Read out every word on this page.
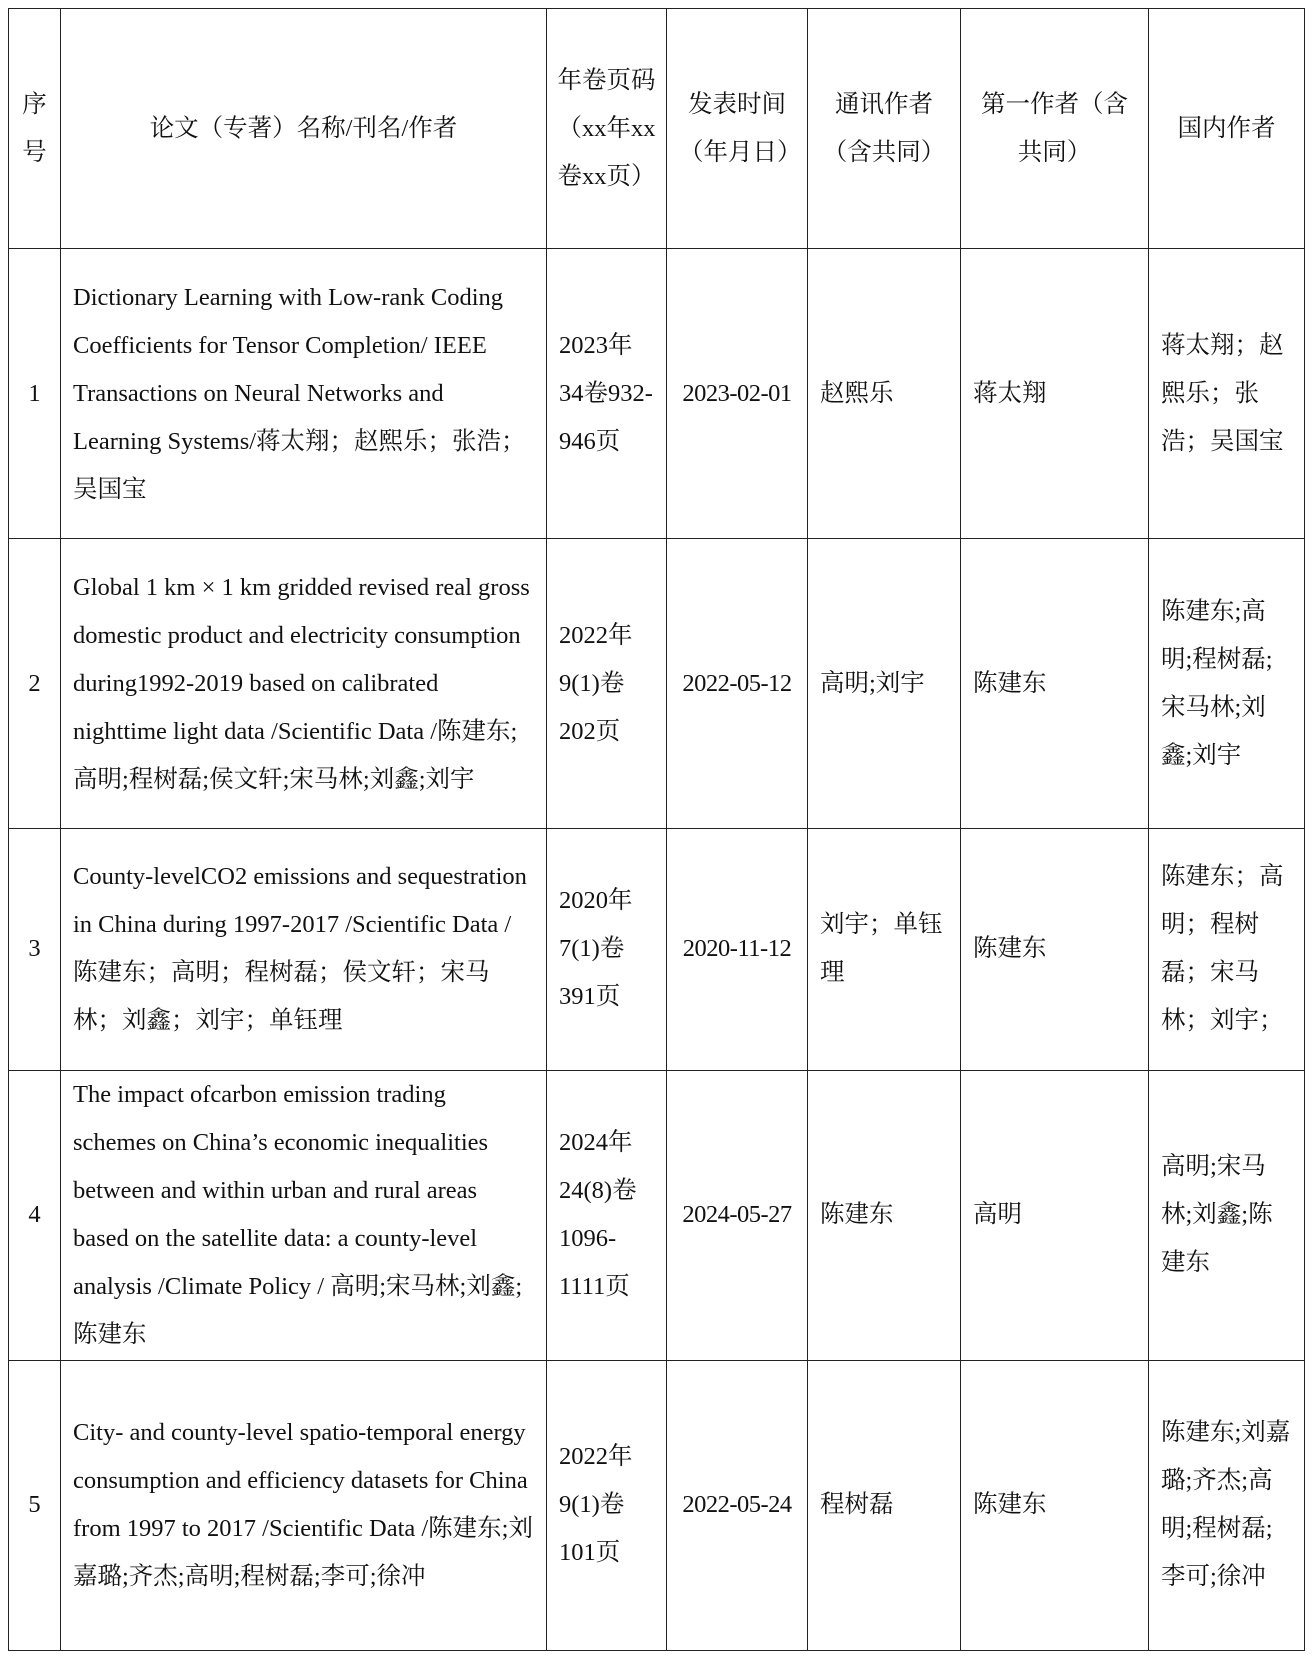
序号	论文（专著）名称/刊名/作者	年卷页码（xx年xx卷xx页）	发表时间（年月日）	通讯作者（含共同）	第一作者（含共同）	国内作者
1	Dictionary Learning with Low-rank Coding Coefficients for Tensor Completion/ IEEE Transactions on Neural Networks and Learning Systems/蒋太翔；赵熙乐；张浩；吴国宝	2023年34卷932-946页	2023-02-01	赵熙乐	蒋太翔	蒋太翔；赵熙乐；张浩；吴国宝
2	Global 1 km × 1 km gridded revised real gross domestic product and electricity consumption during1992-2019 based on calibrated nighttime light data /Scientific Data /陈建东;高明;程树磊;侯文轩;宋马林;刘鑫;刘宇	2022年9(1)卷202页	2022-05-12	高明;刘宇	陈建东	陈建东;高明;程树磊;宋马林;刘鑫;刘宇
3	County-levelCO2 emissions and sequestration in China during 1997-2017 /Scientific Data / 陈建东；高明；程树磊；侯文轩；宋马林；刘鑫；刘宇；单钰理	2020年7(1)卷391页	2020-11-12	刘宇；单钰理	陈建东	陈建东；高明；程树磊；宋马林；刘宇；
4	The impact ofcarbon emission trading schemes on China’s economic inequalities between and within urban and rural areas based on the satellite data: a county-level analysis /Climate Policy / 高明;宋马林;刘鑫;陈建东	2024年24(8)卷1096-1111页	2024-05-27	陈建东	高明	高明;宋马林;刘鑫;陈建东
5	City- and county-level spatio-temporal energy consumption and efficiency datasets for China from 1997 to 2017 /Scientific Data /陈建东;刘嘉璐;齐杰;高明;程树磊;李可;徐冲	2022年9(1)卷101页	2022-05-24	程树磊	陈建东	陈建东;刘嘉璐;齐杰;高明;程树磊;李可;徐冲
